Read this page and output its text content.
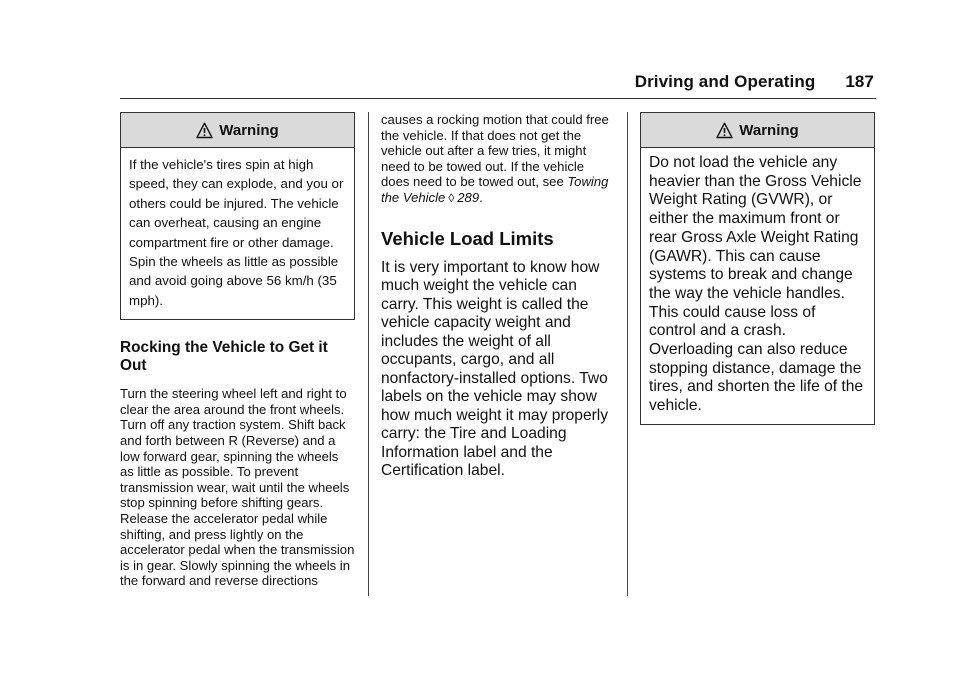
Driving and Operating 187
Warning

If the vehicle's tires spin at high speed, they can explode, and you or others could be injured. The vehicle can overheat, causing an engine compartment fire or other damage. Spin the wheels as little as possible and avoid going above 56 km/h (35 mph).

Rocking the Vehicle to Get it Out

Turn the steering wheel left and right to clear the area around the front wheels. Turn off any traction system. Shift back and forth between R (Reverse) and a low forward gear, spinning the wheels as little as possible. To prevent transmission wear, wait until the wheels stop spinning before shifting gears. Release the accelerator pedal while shifting, and press lightly on the accelerator pedal when the transmission is in gear. Slowly spinning the wheels in the forward and reverse directions

causes a rocking motion that could free the vehicle. If that does not get the vehicle out after a few tries, it might need to be towed out. If the vehicle does need to be towed out, see Towing the Vehicle ◊ 289.

Vehicle Load Limits

It is very important to know how much weight the vehicle can carry. This weight is called the vehicle capacity weight and includes the weight of all occupants, cargo, and all nonfactory-installed options. Two labels on the vehicle may show how much weight it may properly carry: the Tire and Loading Information label and the Certification label.

Warning

Do not load the vehicle any heavier than the Gross Vehicle Weight Rating (GVWR), or either the maximum front or rear Gross Axle Weight Rating (GAWR). This can cause systems to break and change the way the vehicle handles. This could cause loss of control and a crash. Overloading can also reduce stopping distance, damage the tires, and shorten the life of the vehicle.
